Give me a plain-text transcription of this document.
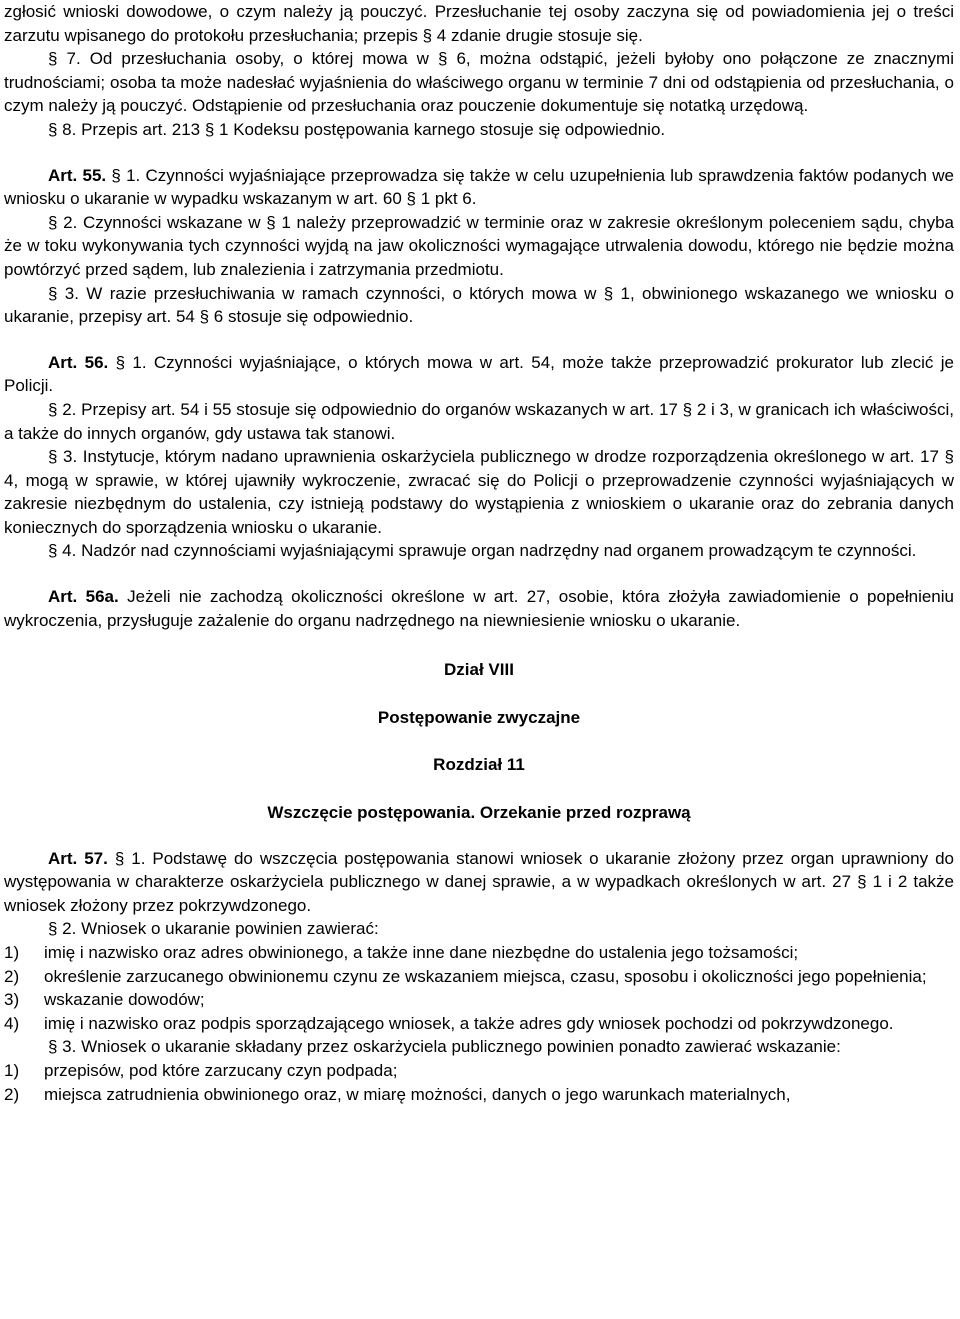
zgłosić wnioski dowodowe, o czym należy ją pouczyć. Przesłuchanie tej osoby zaczyna się od powiadomienia jej o treści zarzutu wpisanego do protokołu przesłuchania; przepis § 4 zdanie drugie stosuje się.

§ 7. Od przesłuchania osoby, o której mowa w § 6, można odstąpić, jeżeli byłoby ono połączone ze znacznymi trudnościami; osoba ta może nadesłać wyjaśnienia do właściwego organu w terminie 7 dni od odstąpienia od przesłuchania, o czym należy ją pouczyć. Odstąpienie od przesłuchania oraz pouczenie dokumentuje się notatką urzędową.

§ 8. Przepis art. 213 § 1 Kodeksu postępowania karnego stosuje się odpowiednio.

Art. 55. § 1. Czynności wyjaśniające przeprowadza się także w celu uzupełnienia lub sprawdzenia faktów podanych we wniosku o ukaranie w wypadku wskazanym w art. 60 § 1 pkt 6.

§ 2. Czynności wskazane w § 1 należy przeprowadzić w terminie oraz w zakresie określonym poleceniem sądu, chyba że w toku wykonywania tych czynności wyjdą na jaw okoliczności wymagające utrwalenia dowodu, którego nie będzie można powtórzyć przed sądem, lub znalezienia i zatrzymania przedmiotu.

§ 3. W razie przesłuchiwania w ramach czynności, o których mowa w § 1, obwinionego wskazanego we wniosku o ukaranie, przepisy art. 54 § 6 stosuje się odpowiednio.

Art. 56. § 1. Czynności wyjaśniające, o których mowa w art. 54, może także przeprowadzić prokurator lub zlecić je Policji.

§ 2. Przepisy art. 54 i 55 stosuje się odpowiednio do organów wskazanych w art. 17 § 2 i 3, w granicach ich właściwości, a także do innych organów, gdy ustawa tak stanowi.

§ 3. Instytucje, którym nadano uprawnienia oskarżyciela publicznego w drodze rozporządzenia określonego w art. 17 § 4, mogą w sprawie, w której ujawniły wykroczenie, zwracać się do Policji o przeprowadzenie czynności wyjaśniających w zakresie niezbędnym do ustalenia, czy istnieją podstawy do wystąpienia z wnioskiem o ukaranie oraz do zebrania danych koniecznych do sporządzenia wniosku o ukaranie.

§ 4. Nadzór nad czynnościami wyjaśniającymi sprawuje organ nadrzędny nad organem prowadzącym te czynności.

Art. 56a. Jeżeli nie zachodzą okoliczności określone w art. 27, osobie, która złożyła zawiadomienie o popełnieniu wykroczenia, przysługuje zażalenie do organu nadrzędnego na niewniesienie wniosku o ukaranie.

Dział VIII

Postępowanie zwyczajne

Rozdział 11

Wszczęcie postępowania. Orzekanie przed rozprawą

Art. 57. § 1. Podstawę do wszczęcia postępowania stanowi wniosek o ukaranie złożony przez organ uprawniony do występowania w charakterze oskarżyciela publicznego w danej sprawie, a w wypadkach określonych w art. 27 § 1 i 2 także wniosek złożony przez pokrzywdzonego.

§ 2. Wniosek o ukaranie powinien zawierać:

1)	imię i nazwisko oraz adres obwinionego, a także inne dane niezbędne do ustalenia jego tożsamości;
2)	określenie zarzucanego obwinionemu czynu ze wskazaniem miejsca, czasu, sposobu i okoliczności jego popełnienia;
3)	wskazanie dowodów;
4)	imię i nazwisko oraz podpis sporządzającego wniosek, a także adres gdy wniosek pochodzi od pokrzywdzonego.

§ 3. Wniosek o ukaranie składany przez oskarżyciela publicznego powinien ponadto zawierać wskazanie:

1)	przepisów, pod które zarzucany czyn podpada;
2)	miejsca zatrudnienia obwinionego oraz, w miarę możności, danych o jego warunkach materialnych,
